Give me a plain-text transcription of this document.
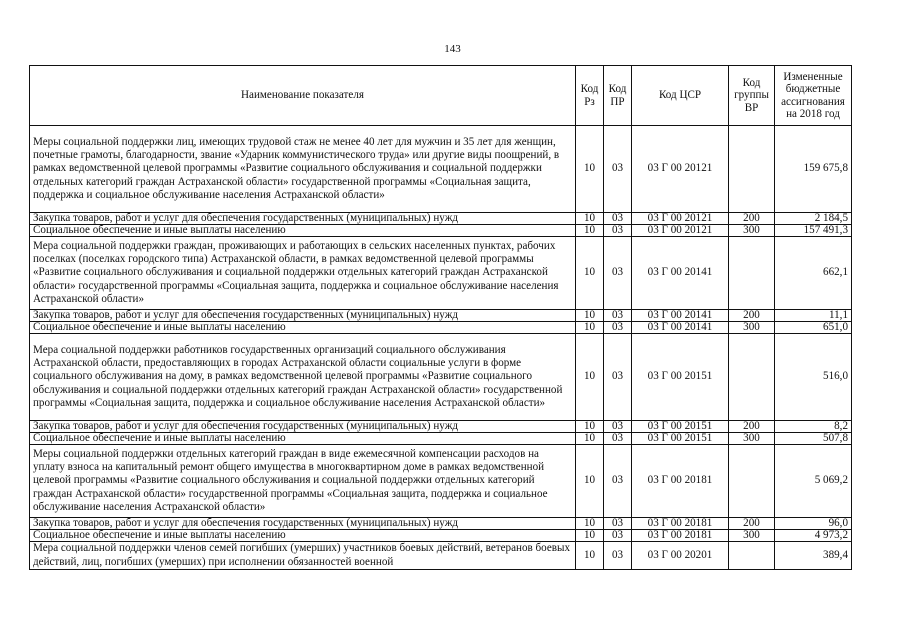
143
Наименование показателя	Код Рз	Код ПР	Код ЦСР	Код группы ВР	Измененные бюджетные ассигнования на 2018 год
Меры социальной поддержки лиц, имеющих трудовой стаж не менее 40 лет для мужчин и 35 лет для женщин, почетные грамоты, благодарности, звание «Ударник коммунистического труда» или другие виды поощрений, в рамках ведомственной целевой программы «Развитие социального обслуживания и социальной поддержки отдельных категорий граждан Астраханской области» государственной программы «Социальная защита, поддержка и социальное обслуживание населения Астраханской области»	10	03	03 Г 00 20121		159 675,8
Закупка товаров, работ и услуг для обеспечения государственных (муниципальных) нужд	10	03	03 Г 00 20121	200	2 184,5
Социальное обеспечение и иные выплаты населению	10	03	03 Г 00 20121	300	157 491,3
Мера социальной поддержки граждан, проживающих и работающих в сельских населенных пунктах, рабочих поселках (поселках городского типа) Астраханской области, в рамках ведомственной целевой программы «Развитие социального обслуживания и социальной поддержки отдельных категорий граждан Астраханской области» государственной программы «Социальная защита, поддержка и социальное обслуживание населения Астраханской области»	10	03	03 Г 00 20141		662,1
Закупка товаров, работ и услуг для обеспечения государственных (муниципальных) нужд	10	03	03 Г 00 20141	200	11,1
Социальное обеспечение и иные выплаты населению	10	03	03 Г 00 20141	300	651,0
Мера социальной поддержки работников государственных организаций социального обслуживания Астраханской области, предоставляющих в городах Астраханской области социальные услуги в форме социального обслуживания на дому, в рамках ведомственной целевой программы «Развитие социального обслуживания и социальной поддержки отдельных категорий граждан Астраханской области» государственной программы «Социальная защита, поддержка и социальное обслуживание населения Астраханской области»	10	03	03 Г 00 20151		516,0
Закупка товаров, работ и услуг для обеспечения государственных (муниципальных) нужд	10	03	03 Г 00 20151	200	8,2
Социальное обеспечение и иные выплаты населению	10	03	03 Г 00 20151	300	507,8
Меры социальной поддержки отдельных категорий граждан в виде ежемесячной компенсации расходов на уплату взноса на капитальный ремонт общего имущества в многоквартирном доме в рамках ведомственной целевой программы «Развитие социального обслуживания и социальной поддержки отдельных категорий граждан Астраханской области» государственной программы «Социальная защита, поддержка и социальное обслуживание населения Астраханской области»	10	03	03 Г 00 20181		5 069,2
Закупка товаров, работ и услуг для обеспечения государственных (муниципальных) нужд	10	03	03 Г 00 20181	200	96,0
Социальное обеспечение и иные выплаты населению	10	03	03 Г 00 20181	300	4 973,2
Мера социальной поддержки членов семей погибших (умерших) участников боевых действий, ветеранов боевых действий, лиц, погибших (умерших) при исполнении обязанностей военной	10	03	03 Г 00 20201		389,4
